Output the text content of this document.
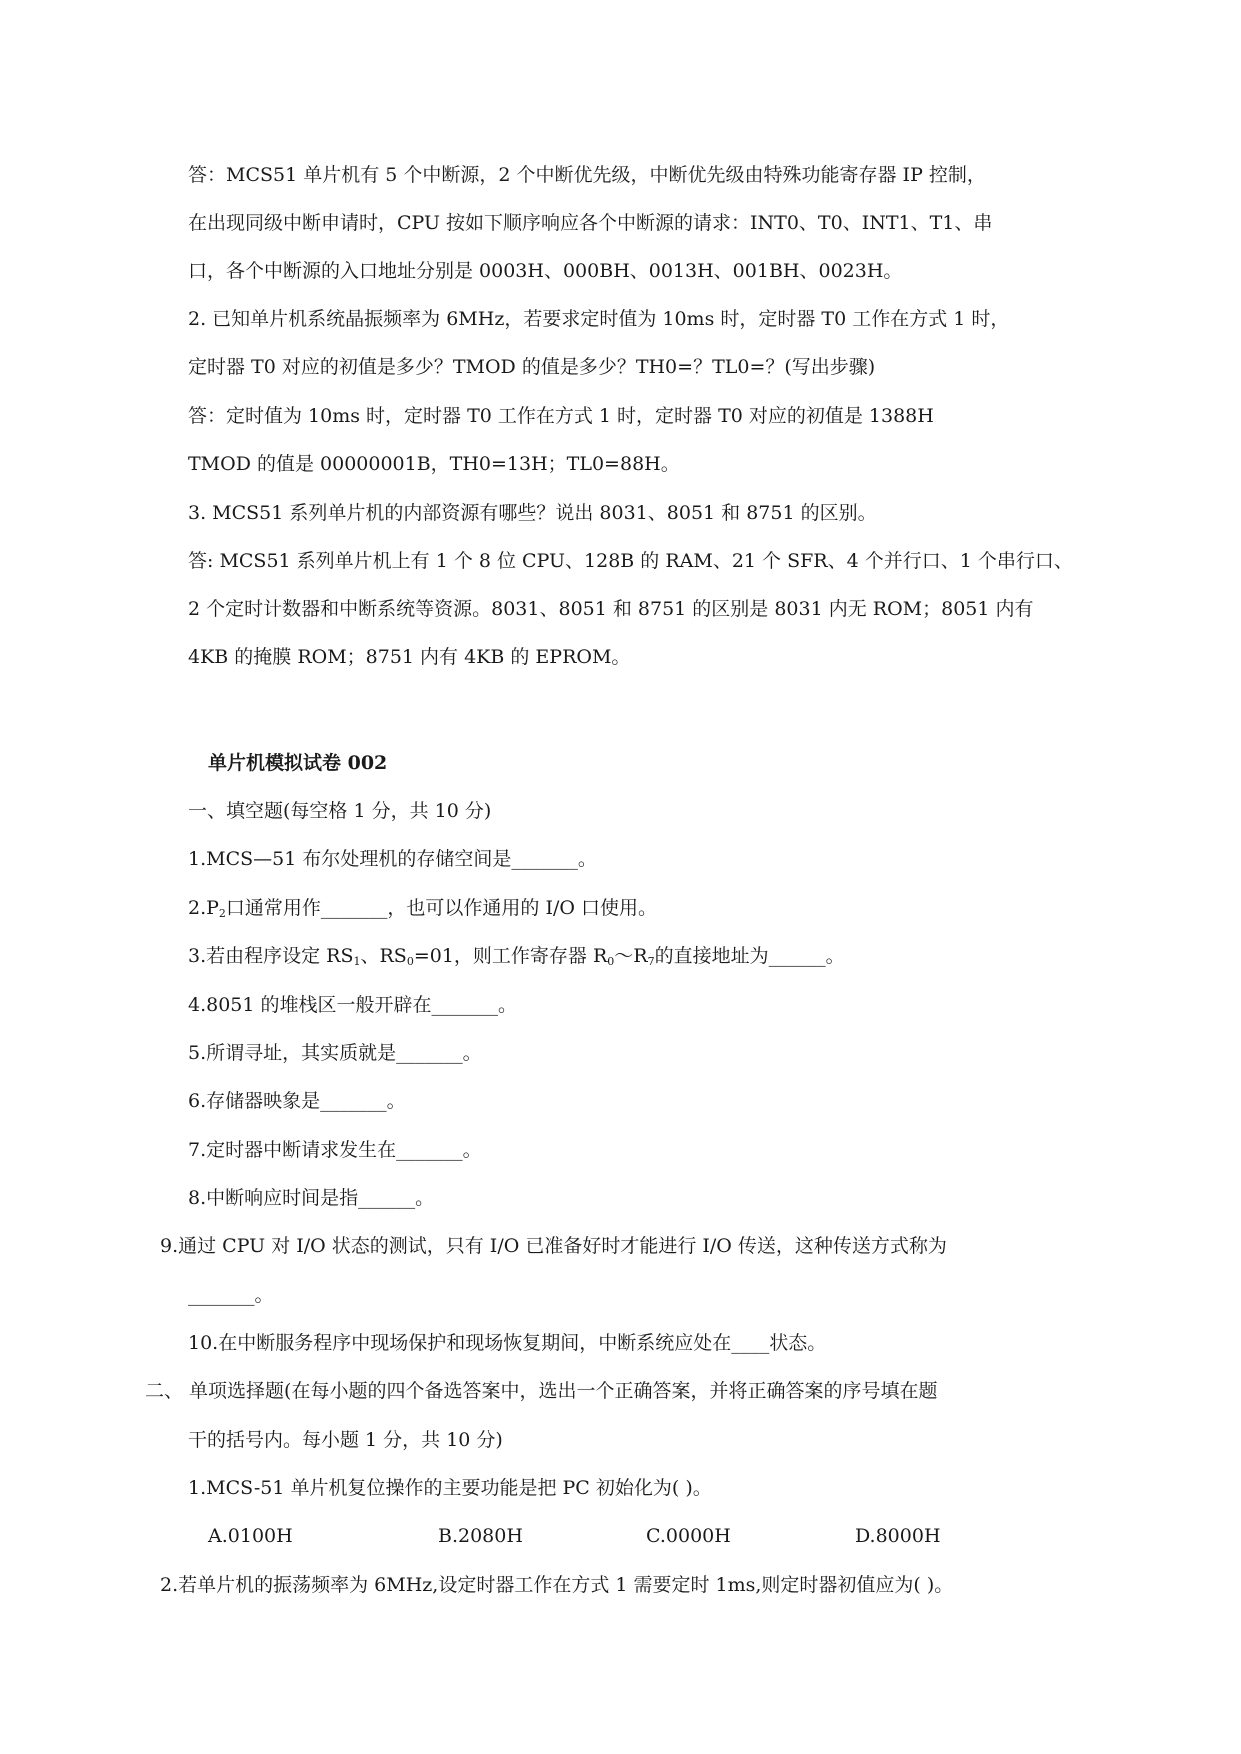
答：MCS51 单片机有 5 个中断源，2 个中断优先级，中断优先级由特殊功能寄存器 IP 控制，
在出现同级中断申请时，CPU 按如下顺序响应各个中断源的请求：INT0、T0、INT1、T1、串
口，各个中断源的入口地址分别是 0003H、000BH、0013H、001BH、0023H。
2. 已知单片机系统晶振频率为 6MHz，若要求定时值为 10ms 时，定时器 T0 工作在方式 1 时，
定时器 T0 对应的初值是多少？TMOD 的值是多少？TH0=？TL0=？(写出步骤)
答：定时值为 10ms 时，定时器 T0 工作在方式 1 时，定时器 T0 对应的初值是 1388H
TMOD 的值是 00000001B，TH0=13H；TL0=88H。
3. MCS51 系列单片机的内部资源有哪些？说出 8031、8051 和 8751 的区别。
答: MCS51 系列单片机上有 1 个 8 位 CPU、128B 的 RAM、21 个 SFR、4 个并行口、1 个串行口、
2 个定时计数器和中断系统等资源。8031、8051 和 8751 的区别是 8031 内无 ROM；8051 内有
4KB 的掩膜 ROM；8751 内有 4KB 的 EPROM。
单片机模拟试卷 002
一、填空题(每空格 1 分，共 10 分)
1.MCS—51 布尔处理机的存储空间是_______。
$2.P_2$口通常用作_______，也可以作通用的 I/O 口使用。
3.若由程序设定 $RS_1$、$RS_0=01$，则工作寄存器 $R_0\sim R_7$的直接地址为______。
4.8051 的堆栈区一般开辟在_______。
5.所谓寻址，其实质就是_______。
6.存储器映象是_______。
7.定时器中断请求发生在_______。
8.中断响应时间是指______。
9.通过 CPU 对 I/O 状态的测试，只有 I/O 已准备好时才能进行 I/O 传送，这种传送方式称为
_______。
10.在中断服务程序中现场保护和现场恢复期间，中断系统应处在____状态。
二、 单项选择题(在每小题的四个备选答案中，选出一个正确答案，并将正确答案的序号填在题
干的括号内。每小题 1 分，共 10 分)
1.MCS-51 单片机复位操作的主要功能是把 PC 初始化为( )。
A.0100H	B.2080H	C.0000H	D.8000H
2.若单片机的振荡频率为 6MHz,设定时器工作在方式 1 需要定时 1ms,则定时器初值应为( )。
